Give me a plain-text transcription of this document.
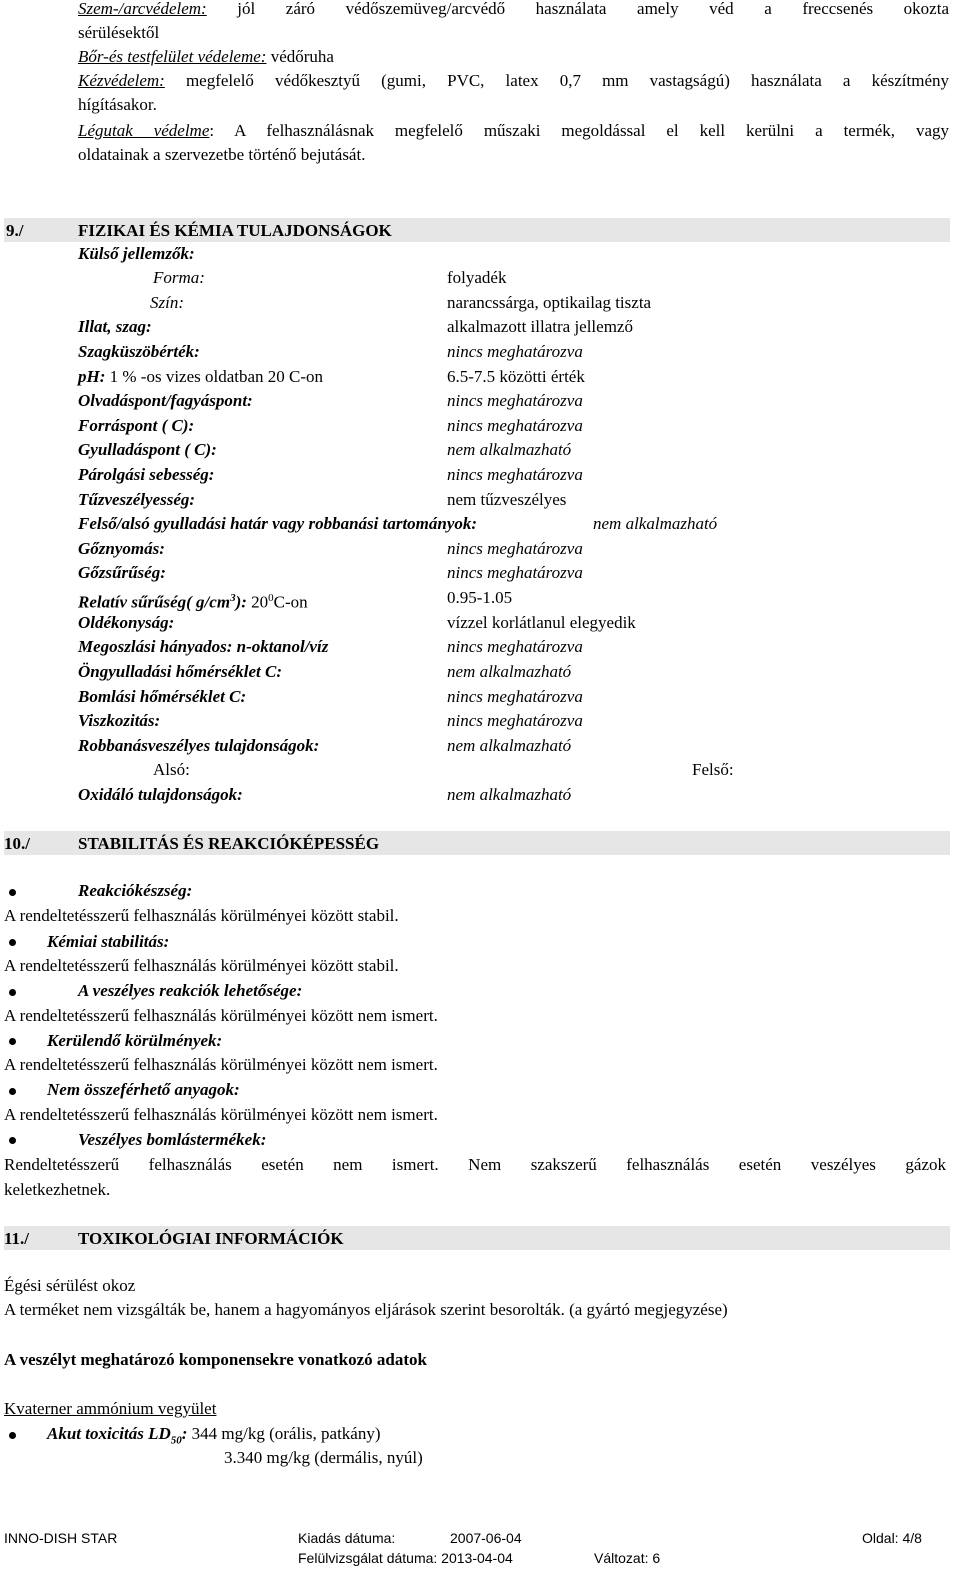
Szem-/arcvédelem: jól záró védőszemüveg/arcvédő használata amely véd a freccsenés okozta
sérülésektől
Bőr-és testfelület védeleme: védőruha
Kézvédelem: megfelelő védőkesztyű (gumi, PVC, latex 0,7 mm vastagságú) használata a készítmény
hígításakor.
Légutak védelme: A felhasználásnak megfelelő műszaki megoldással el kell kerülni a termék, vagy
oldatainak a szervezetbe történő bejutását.
9./	FIZIKAI ÉS KÉMIA TULAJDONSÁGOK
Külső jellemzők:
Forma:	folyadék
Szín:	narancssárga, optikailag tiszta
Illat, szag:	alkalmazott illatra jellemző
Szagküszöbérték:	nincs meghatározva
pH: 1 % -os vizes oldatban 20 C-on	6.5-7.5 közötti érték
Olvadáspont/fagyáspont:	nincs meghatározva
Forráspont ( C):	nincs meghatározva
Gyulladáspont ( C):	nem alkalmazható
Párolgási sebesség:	nincs meghatározva
Tűzveszélyesség:	nem tűzveszélyes
Felső/alsó gyulladási határ vagy robbanási tartományok:	nem alkalmazható
Gőznyomás:	nincs meghatározva
Gőzsűrűség:	nincs meghatározva
Relatív sűrűség( $g/cm^3$): $20^0C-on$	0.95-1.05
Oldékonyság:	vízzel korlátlanul elegyedik
Megoszlási hányados: n-oktanol/víz	nincs meghatározva
Öngyulladási hőmérséklet C:	nem alkalmazható
Bomlási hőmérséklet C:	nincs meghatározva
Viszkozitás:	nincs meghatározva
Robbanásveszélyes tulajdonságok:	nem alkalmazható
Alsó:	Felső:
Oxidáló tulajdonságok:	nem alkalmazható
10./	STABILITÁS ÉS REAKCIÓKÉPESSÉG
Reakciókészség:
A rendeltetésszerű felhasználás körülményei között stabil.
Kémiai stabilitás:
A rendeltetésszerű felhasználás körülményei között stabil.
A veszélyes reakciók lehetősége:
A rendeltetésszerű felhasználás körülményei között nem ismert.
Kerülendő körülmények:
A rendeltetésszerű felhasználás körülményei között nem ismert.
Nem összeférhető anyagok:
A rendeltetésszerű felhasználás körülményei között nem ismert.
Veszélyes bomlástermékek:
Rendeltetésszerű felhasználás esetén nem ismert. Nem szakszerű felhasználás esetén veszélyes gázok
keletkezhetnek.
11./	TOXIKOLÓGIAI INFORMÁCIÓK
Égési sérülést okoz
A terméket nem vizsgálták be, hanem a hagyományos eljárások szerint besorolták. (a gyártó megjegyzése)
A veszélyt meghatározó komponensekre vonatkozó adatok
Kvaterner ammónium vegyület
Akut toxicitás $LD_{50}$: 344 mg/kg (orális, patkány)
3.340 mg/kg (dermális, nyúl)
INNO-DISH STAR	Kiadás dátuma:	2007-06-04	Oldal: 4/8
Felülvizsgálat dátuma: 2013-04-04	Változat: 6
